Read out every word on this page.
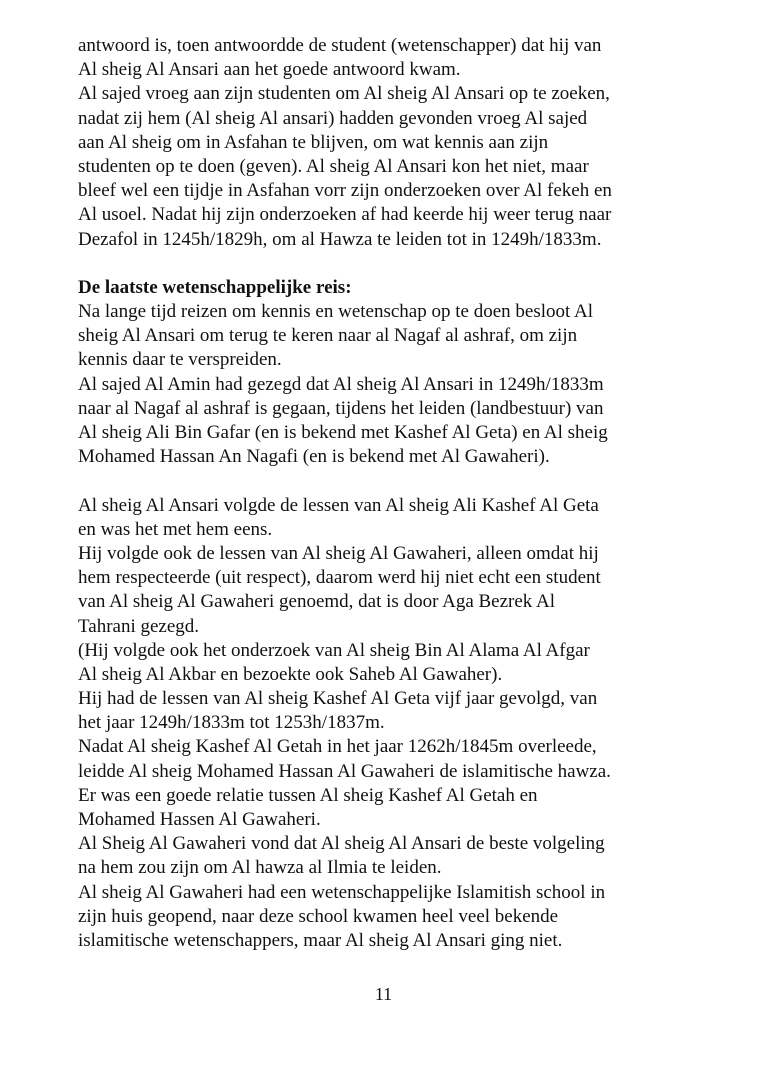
antwoord is, toen antwoordde de student (wetenschapper) dat hij van
Al sheig Al Ansari aan het goede antwoord kwam.
Al sajed vroeg aan zijn studenten om Al sheig Al Ansari op te zoeken,
nadat zij hem (Al sheig Al ansari) hadden gevonden vroeg Al sajed
aan Al sheig om in Asfahan te blijven, om wat kennis aan zijn
studenten op te doen (geven). Al sheig Al Ansari kon het niet, maar
bleef wel een tijdje in Asfahan vorr zijn onderzoeken over Al fekeh en
Al usoel. Nadat hij zijn onderzoeken af had keerde hij weer terug naar
Dezafol in 1245h/1829h, om al Hawza te leiden tot in 1249h/1833m.
De laatste wetenschappelijke reis:
Na lange tijd reizen om kennis en wetenschap op te doen besloot Al
sheig Al Ansari om terug te keren naar al Nagaf al ashraf, om zijn
kennis daar te verspreiden.
Al sajed Al Amin had gezegd dat Al sheig Al Ansari in 1249h/1833m
naar al Nagaf al ashraf is gegaan, tijdens het leiden (landbestuur) van
Al sheig Ali Bin Gafar (en is bekend met Kashef Al Geta) en Al sheig
Mohamed Hassan An Nagafi (en is bekend met Al Gawaheri).
Al sheig Al Ansari volgde de lessen van Al sheig Ali Kashef Al Geta
en was het met hem eens.
Hij volgde ook de lessen van Al sheig Al Gawaheri, alleen omdat hij
hem respecteerde (uit respect), daarom werd hij niet echt een student
van Al sheig Al Gawaheri genoemd, dat is door Aga Bezrek Al
Tahrani gezegd.
(Hij volgde ook het onderzoek van Al sheig Bin Al Alama Al Afgar
Al sheig Al Akbar en bezoekte ook Saheb Al Gawaher).
Hij had de lessen van Al sheig Kashef Al Geta vijf jaar gevolgd, van
het jaar 1249h/1833m tot 1253h/1837m.
Nadat Al sheig Kashef Al Getah in het jaar 1262h/1845m overleede,
leidde Al sheig Mohamed Hassan Al Gawaheri de islamitische hawza.
Er was een goede relatie tussen Al sheig Kashef Al Getah en
Mohamed Hassen Al Gawaheri.
Al Sheig Al Gawaheri vond dat Al sheig Al Ansari de beste volgeling
na hem zou zijn om Al hawza al Ilmia te leiden.
Al sheig Al Gawaheri had een wetenschappelijke Islamitish school in
zijn huis geopend, naar deze school kwamen heel veel bekende
islamitische wetenschappers, maar Al sheig Al Ansari ging niet.
11
